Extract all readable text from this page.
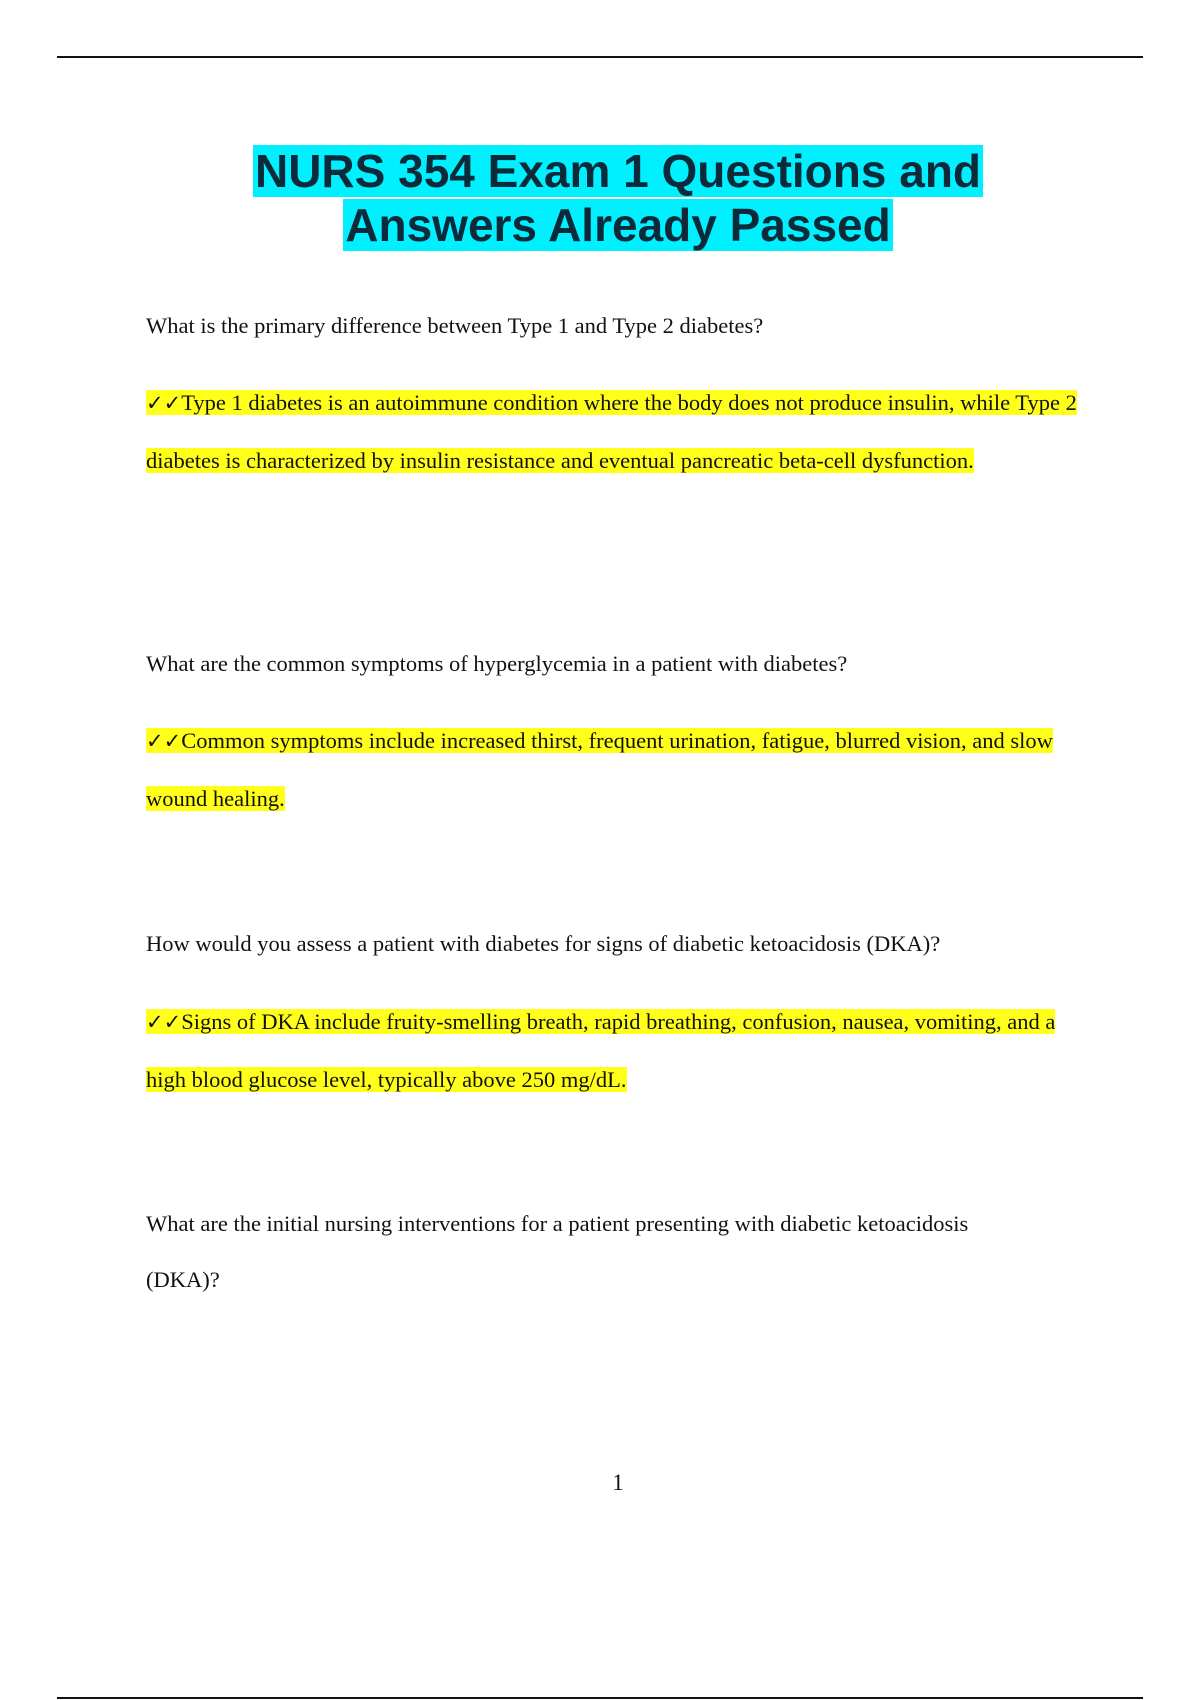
NURS 354 Exam 1 Questions and
Answers Already Passed
What is the primary difference between Type 1 and Type 2 diabetes?
✓✓Type 1 diabetes is an autoimmune condition where the body does not produce insulin, while Type 2 diabetes is characterized by insulin resistance and eventual pancreatic beta-cell dysfunction.
What are the common symptoms of hyperglycemia in a patient with diabetes?
✓✓Common symptoms include increased thirst, frequent urination, fatigue, blurred vision, and slow wound healing.
How would you assess a patient with diabetes for signs of diabetic ketoacidosis (DKA)?
✓✓Signs of DKA include fruity-smelling breath, rapid breathing, confusion, nausea, vomiting, and a high blood glucose level, typically above 250 mg/dL.
What are the initial nursing interventions for a patient presenting with diabetic ketoacidosis (DKA)?
1
